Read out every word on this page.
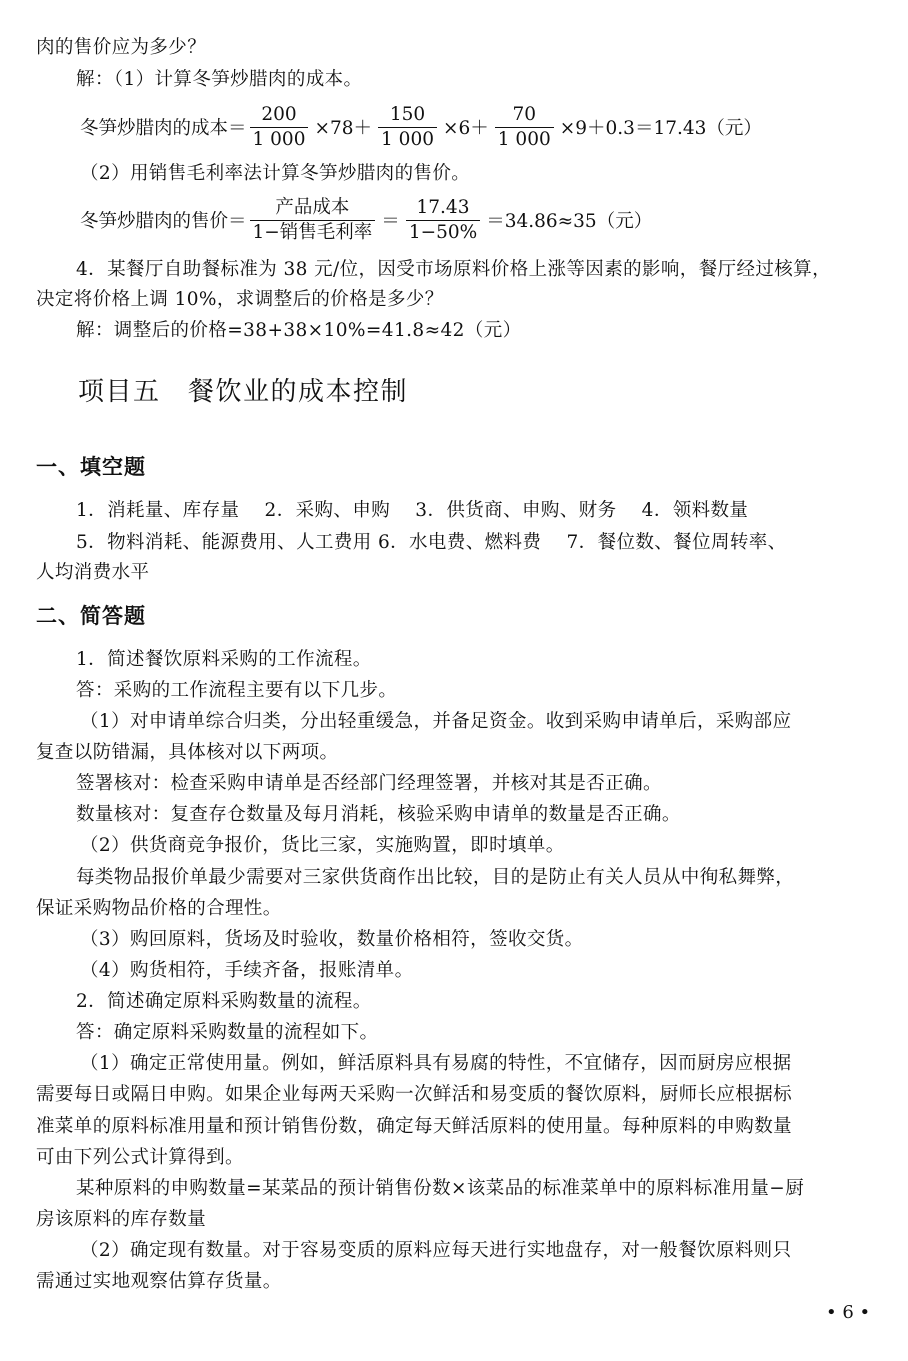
肉的售价应为多少？
解：（1）计算冬笋炒腊肉的成本。
冬笋炒腊肉的成本＝ $\frac{200}{1 000} \times 78+ \frac{150}{1 000} \times 6+ \frac{70}{1 000} \times 9+0.3=17.43$（元）
（2）用销售毛利率法计算冬笋炒腊肉的售价。
冬笋炒腊肉的售价＝ $\frac{\text{产品成本}}{\text{1−销售毛利率}} = \frac{17.43}{1-50\%} =34.86\approx 35$（元）
4．某餐厅自助餐标准为 38 元/位，因受市场原料价格上涨等因素的影响，餐厅经过核算，
决定将价格上调 10%，求调整后的价格是多少？
解：调整后的价格=38+38×10%=41.8≈42（元）
项目五　餐饮业的成本控制
一、填空题
1．消耗量、库存量　 2．采购、申购　 3．供货商、申购、财务　 4．领料数量
5．物料消耗、能源费用、人工费用 6．水电费、燃料费　 7．餐位数、餐位周转率、
人均消费水平
二、简答题
1．简述餐饮原料采购的工作流程。
答：采购的工作流程主要有以下几步。
（1）对申请单综合归类，分出轻重缓急，并备足资金。收到采购申请单后，采购部应
复查以防错漏，具体核对以下两项。
签署核对：检查采购申请单是否经部门经理签署，并核对其是否正确。
数量核对：复查存仓数量及每月消耗，核验采购申请单的数量是否正确。
（2）供货商竞争报价，货比三家，实施购置，即时填单。
每类物品报价单最少需要对三家供货商作出比较，目的是防止有关人员从中徇私舞弊，
保证采购物品价格的合理性。
（3）购回原料，货场及时验收，数量价格相符，签收交货。
（4）购货相符，手续齐备，报账清单。
2．简述确定原料采购数量的流程。
答：确定原料采购数量的流程如下。
（1）确定正常使用量。例如，鲜活原料具有易腐的特性，不宜储存，因而厨房应根据
需要每日或隔日申购。如果企业每两天采购一次鲜活和易变质的餐饮原料，厨师长应根据标
准菜单的原料标准用量和预计销售份数，确定每天鲜活原料的使用量。每种原料的申购数量
可由下列公式计算得到。
某种原料的申购数量=某菜品的预计销售份数×该菜品的标准菜单中的原料标准用量−厨
房该原料的库存数量
（2）确定现有数量。对于容易变质的原料应每天进行实地盘存，对一般餐饮原料则只
需通过实地观察估算存货量。
• 6 •
